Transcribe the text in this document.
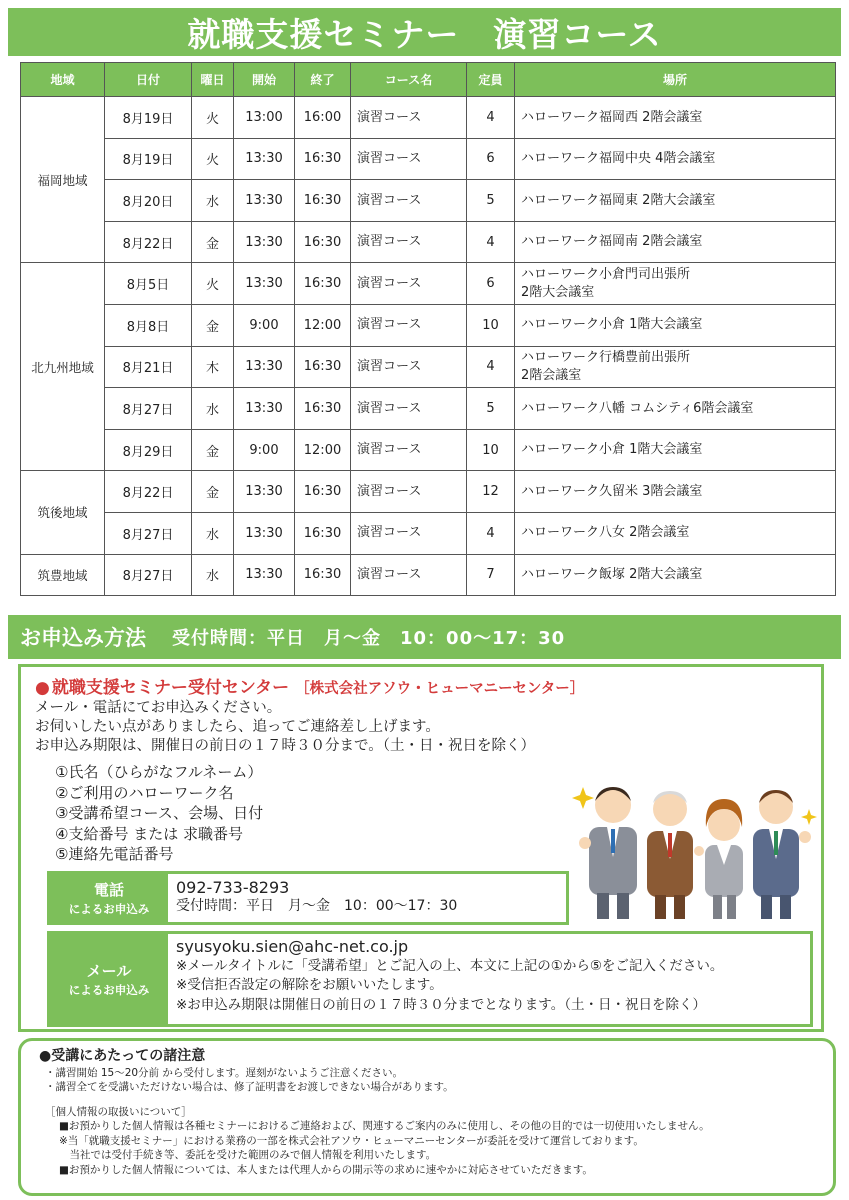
就職支援セミナー　演習コース
地域	日付	曜日	開始	終了	コース名	定員	場所
福岡地域	8月19日	火	13:00	16:00	演習コース	4	ハローワーク福岡西 2階会議室

	8月19日	火	13:30	16:30	演習コース	6	ハローワーク福岡中央 4階会議室

	8月20日	水	13:30	16:30	演習コース	5	ハローワーク福岡東 2階大会議室

	8月22日	金	13:30	16:30	演習コース	4	ハローワーク福岡南 2階会議室

北九州地域	8月5日	火	13:30	16:30	演習コース	6	ハローワーク小倉門司出張所
2階大会議室

	8月8日	金	9:00	12:00	演習コース	10	ハローワーク小倉 1階大会議室

	8月21日	木	13:30	16:30	演習コース	4	ハローワーク行橋豊前出張所
2階会議室

	8月27日	水	13:30	16:30	演習コース	5	ハローワーク八幡 コムシティ6階会議室

	8月29日	金	9:00	12:00	演習コース	10	ハローワーク小倉 1階大会議室

筑後地域	8月22日	金	13:30	16:30	演習コース	12	ハローワーク久留米 3階会議室

	8月27日	水	13:30	16:30	演習コース	4	ハローワーク八女 2階会議室

筑豊地域	8月27日	水	13:30	16:30	演習コース	7	ハローワーク飯塚 2階大会議室
お申込み方法 受付時間：平日　月～金　10：00～17：30
● 就職支援セミナー受付センター ［株式会社アソウ・ヒューマニーセンター］
メール・電話にてお申込みください。
お伺いしたい点がありましたら、追ってご連絡差し上げます。
お申込み期限は、開催日の前日の１７時３０分まで。（土・日・祝日を除く）
①氏名（ひらがなフルネーム）
②ご利用のハローワーク名
③受講希望コース、会場、日付
④支給番号 または 求職番号
⑤連絡先電話番号
電話
によるお申込み
092-733-8293
受付時間：平日　月～金　10：00～17：30
メール
によるお申込み
syusyoku.sien@ahc-net.co.jp
※メールタイトルに「受講希望」とご記入の上、本文に上記の①から⑤をご記入ください。
※受信拒否設定の解除をお願いいたします。
※お申込み期限は開催日の前日の１７時３０分までとなります。（土・日・祝日を除く）
●受講にあたっての諸注意
・講習開始 15～20分前 から受付します。遅刻がないようご注意ください。
・講習全てを受講いただけない場合は、修了証明書をお渡しできない場合があります。
［個人情報の取扱いについて］
■お預かりした個人情報は各種セミナーにおけるご連絡および、関連するご案内のみに使用し、その他の目的では一切使用いたしません。
※当「就職支援セミナー」における業務の一部を株式会社アソウ・ヒューマニーセンターが委託を受けて運営しております。
　当社では受付手続き等、委託を受けた範囲のみで個人情報を利用いたします。
■お預かりした個人情報については、本人または代理人からの開示等の求めに速やかに対応させていただきます。
